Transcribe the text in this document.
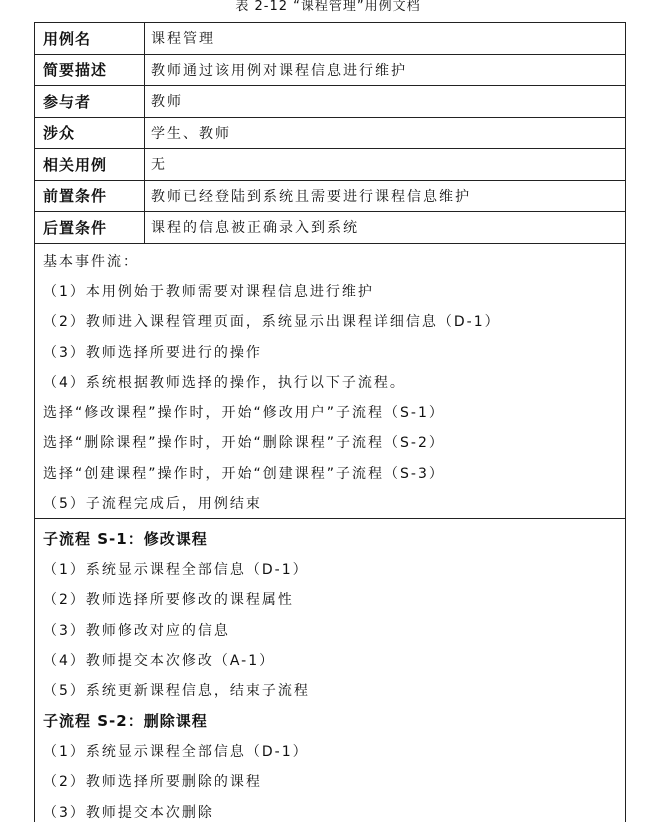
表 2-12 “课程管理”用例文档
用例名	课程管理
简要描述	教师通过该用例对课程信息进行维护
参与者	教师
涉众	学生、教师
相关用例	无
前置条件	教师已经登陆到系统且需要进行课程信息维护
后置条件	课程的信息被正确录入到系统
基本事件流：
（1）本用例始于教师需要对课程信息进行维护
（2）教师进入课程管理页面，系统显示出课程详细信息（D-1）
（3）教师选择所要进行的操作
（4）系统根据教师选择的操作，执行以下子流程。
选择“修改课程”操作时，开始“修改用户”子流程（S-1）
选择“删除课程”操作时，开始“删除课程”子流程（S-2）
选择“创建课程”操作时，开始“创建课程”子流程（S-3）
（5）子流程完成后，用例结束
子流程 S-1：修改课程
（1）系统显示课程全部信息（D-1）
（2）教师选择所要修改的课程属性
（3）教师修改对应的信息
（4）教师提交本次修改（A-1）
（5）系统更新课程信息，结束子流程
子流程 S-2：删除课程
（1）系统显示课程全部信息（D-1）
（2）教师选择所要删除的课程
（3）教师提交本次删除
